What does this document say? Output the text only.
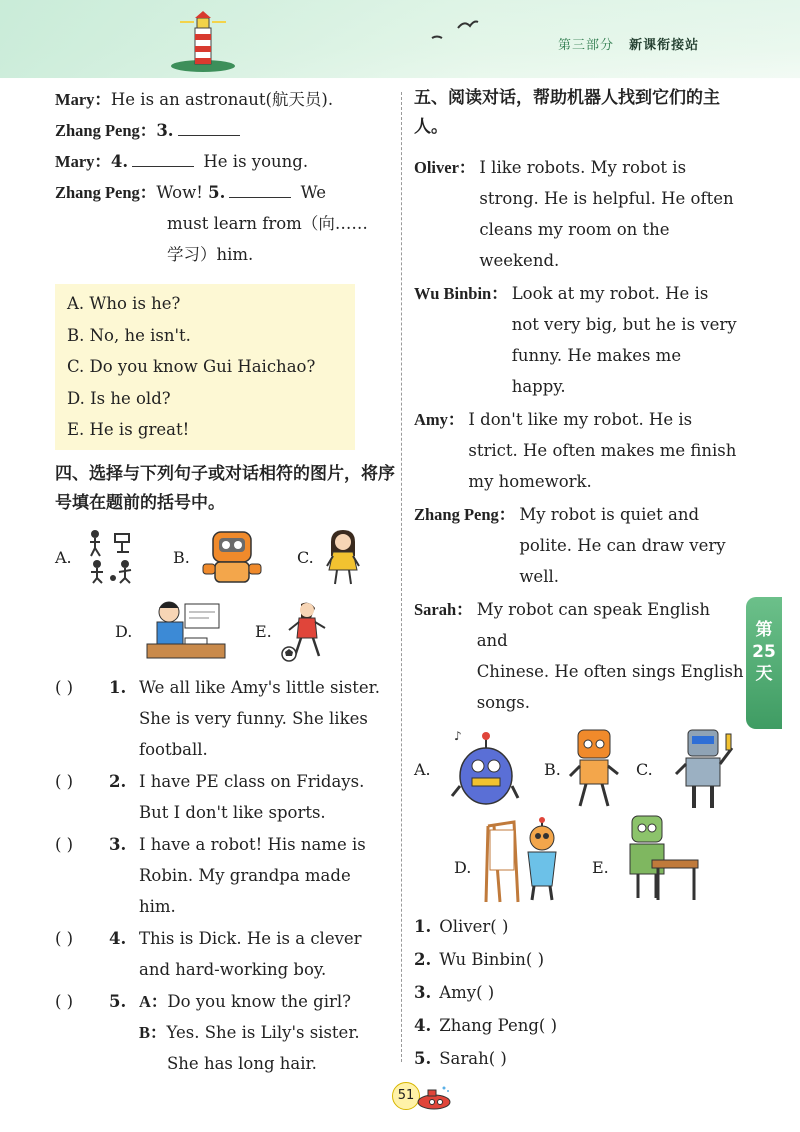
第三部分 新课衔接站
Mary：He is an astronaut(航天员).
Zhang Peng：3.
Mary：4.	He is young.
Zhang Peng：Wow! 5.	We
must learn from（向……
学习）him.
A. Who is he?
B. No, he isn't.
C. Do you know Gui Haichao?
D. Is he old?
E. He is great!
四、选择与下列句子或对话相符的图片，将序号填在题前的括号中。
A.	B.	C.
D.	E.
( ) 1. We all like Amy's little sister.
She is very funny. She likes
football.
( ) 2. I have PE class on Fridays.
But I don't like sports.
( ) 3. I have a robot! His name is
Robin. My grandpa made
him.
( ) 4. This is Dick. He is a clever
and hard-working boy.
( ) 5. A：Do you know the girl?
B：Yes. She is Lily's sister.
She has long hair.
五、阅读对话，帮助机器人找到它们的主人。
Oliver： I like robots. My robot is
strong. He is helpful. He often
cleans my room on the
weekend.
Wu Binbin： Look at my robot. He is
not very big, but he is very
funny. He makes me
happy.
Amy： I don't like my robot. He is
strict. He often makes me finish
my homework.
Zhang Peng： My robot is quiet and
polite. He can draw very
well.
Sarah： My robot can speak English and
Chinese. He often sings English
songs.
A.
♪
B.	C.
D.	E.
1. Oliver( )
2. Wu Binbin( )
3. Amy( )
4. Zhang Peng( )
5. Sarah( )
第
25
天
51
